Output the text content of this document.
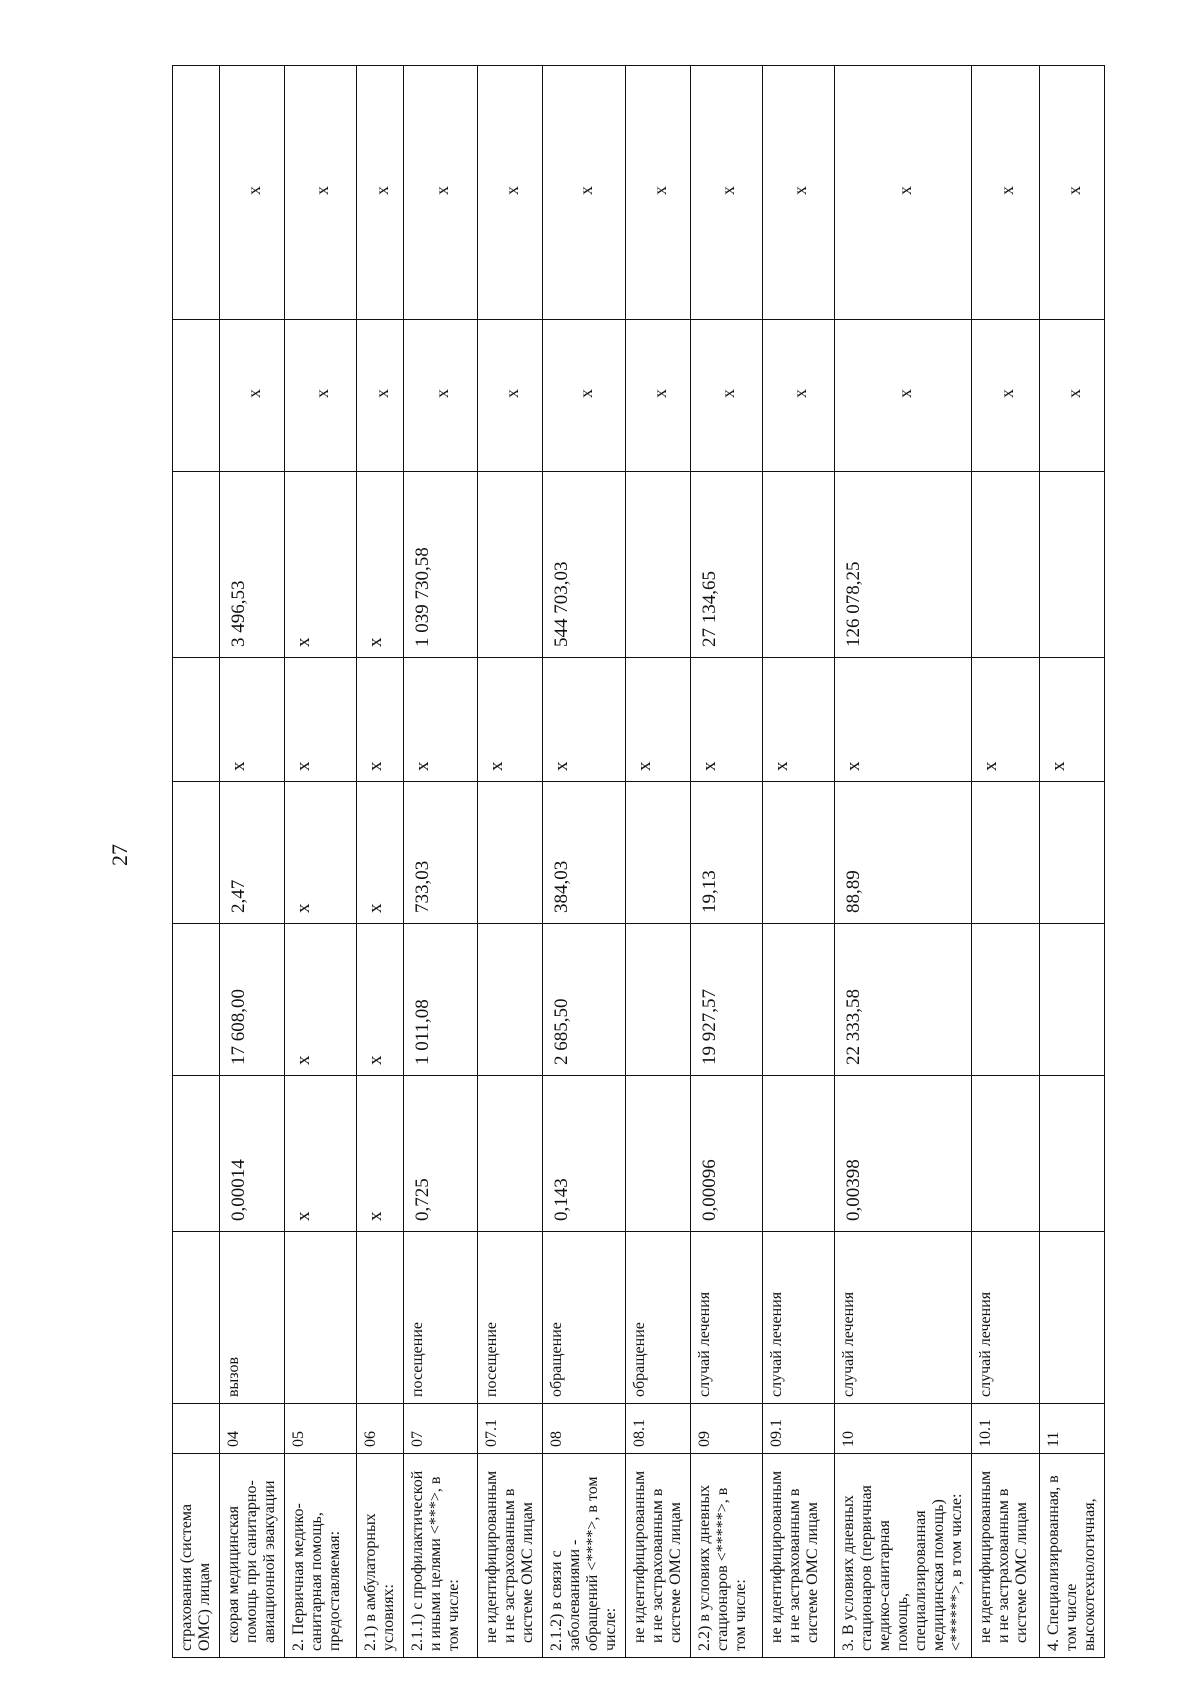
27
страхования (система ОМС) лицам									
скорая медицинская помощь при санитарно-авиационной эвакуации	04	вызов	0,00014	17 608,00	2,47	x	3 496,53	x	x
2. Первичная медико-санитарная помощь, предоставляемая:	05		x	x	x	x	x	x	x
2.1) в амбулаторных условиях:	06		x	x	x	x	x	x	x
2.1.1) с профилактической и иными целями <***>, в том числе:	07	посещение	0,725	1 011,08	733,03	x	1 039 730,58	x	x
не идентифицированным и не застрахованным в системе ОМС лицам	07.1	посещение				x		x	x
2.1.2) в связи с заболеваниями - обращений <****>, в том числе:	08	обращение	0,143	2 685,50	384,03	x	544 703,03	x	x
не идентифицированным и не застрахованным в системе ОМС лицам	08.1	обращение				x		x	x
2.2) в условиях дневных стационаров <*****>, в том числе:	09	случай лечения	0,00096	19 927,57	19,13	x	27 134,65	x	x
не идентифицированным и не застрахованным в системе ОМС лицам	09.1	случай лечения				x		x	x
3. В условиях дневных стационаров (первичная медико-санитарная помощь, специализированная медицинская помощь) <******>, в том числе:	10	случай лечения	0,00398	22 333,58	88,89	x	126 078,25	x	x
не идентифицированным и не застрахованным в системе ОМС лицам	10.1	случай лечения				x		x	x
4. Специализированная, в том числе высокотехнологичная,	11					x		x	x
